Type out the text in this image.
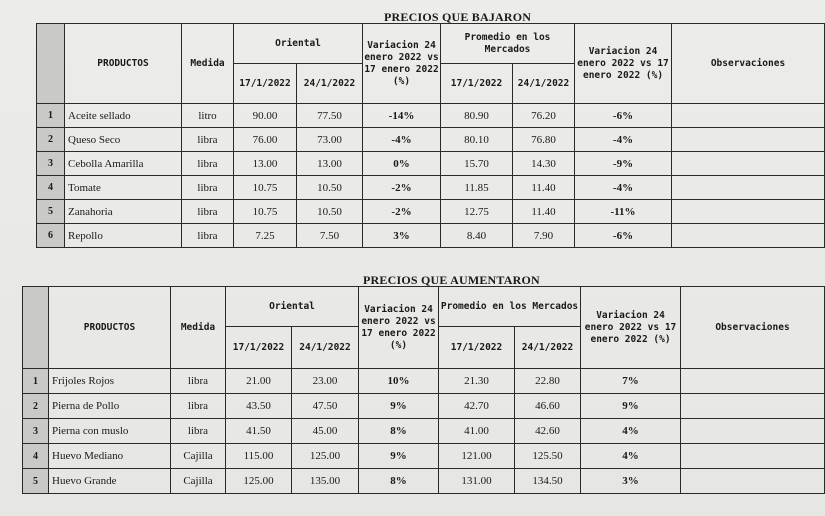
PRECIOS QUE BAJARON
	PRODUCTOS	Medida	Oriental		Variacion 24 enero 2022 vs 17 enero 2022 (%)	Promedio en los Mercados		Variacion 24 enero 2022 vs 17 enero 2022 (%)	Observaciones
			17/1/2022	24/1/2022		17/1/2022	24/1/2022		
1	Aceite sellado	litro	90.00	77.50	-14%	80.90	76.20	-6%	
2	Queso Seco	libra	76.00	73.00	-4%	80.10	76.80	-4%	
3	Cebolla Amarilla	libra	13.00	13.00	0%	15.70	14.30	-9%	
4	Tomate	libra	10.75	10.50	-2%	11.85	11.40	-4%	
5	Zanahoria	libra	10.75	10.50	-2%	12.75	11.40	-11%	
6	Repollo	libra	7.25	7.50	3%	8.40	7.90	-6%	
PRECIOS QUE AUMENTARON
	PRODUCTOS	Medida	Oriental		Variacion 24 enero 2022 vs 17 enero 2022 (%)	Promedio en los Mercados		Variacion 24 enero 2022 vs 17 enero 2022 (%)	Observaciones
			17/1/2022	24/1/2022		17/1/2022	24/1/2022		
1	Frijoles Rojos	libra	21.00	23.00	10%	21.30	22.80	7%	
2	Pierna de Pollo	libra	43.50	47.50	9%	42.70	46.60	9%	
3	Pierna con muslo	libra	41.50	45.00	8%	41.00	42.60	4%	
4	Huevo Mediano	Cajilla	115.00	125.00	9%	121.00	125.50	4%	
5	Huevo Grande	Cajilla	125.00	135.00	8%	131.00	134.50	3%	
